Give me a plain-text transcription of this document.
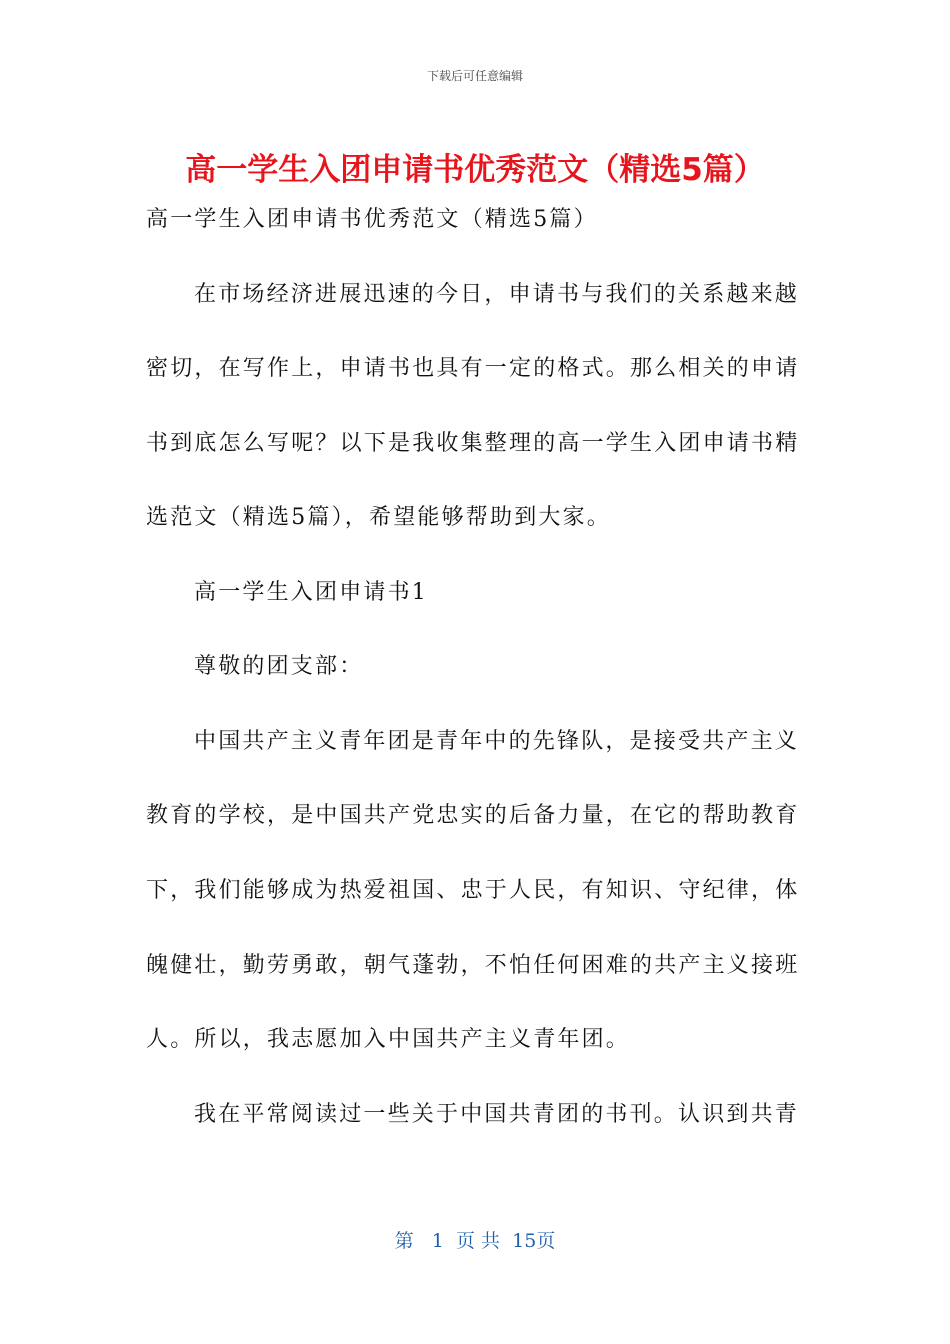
下载后可任意编辑
高一学生入团申请书优秀范文（精选5篇）
高一学生入团申请书优秀范文（精选5篇）
在市场经济进展迅速的今日，申请书与我们的关系越来越
密切，在写作上，申请书也具有一定的格式。那么相关的申请
书到底怎么写呢？以下是我收集整理的高一学生入团申请书精
选范文（精选5篇），希望能够帮助到大家。
高一学生入团申请书1
尊敬的团支部：
中国共产主义青年团是青年中的先锋队，是接受共产主义
教育的学校，是中国共产党忠实的后备力量，在它的帮助教育
下，我们能够成为热爱祖国、忠于人民，有知识、守纪律，体
魄健壮，勤劳勇敢，朝气蓬勃，不怕任何困难的共产主义接班
人。所以，我志愿加入中国共产主义青年团。
我在平常阅读过一些关于中国共青团的书刊。认识到共青
第 1 页 共 15页
